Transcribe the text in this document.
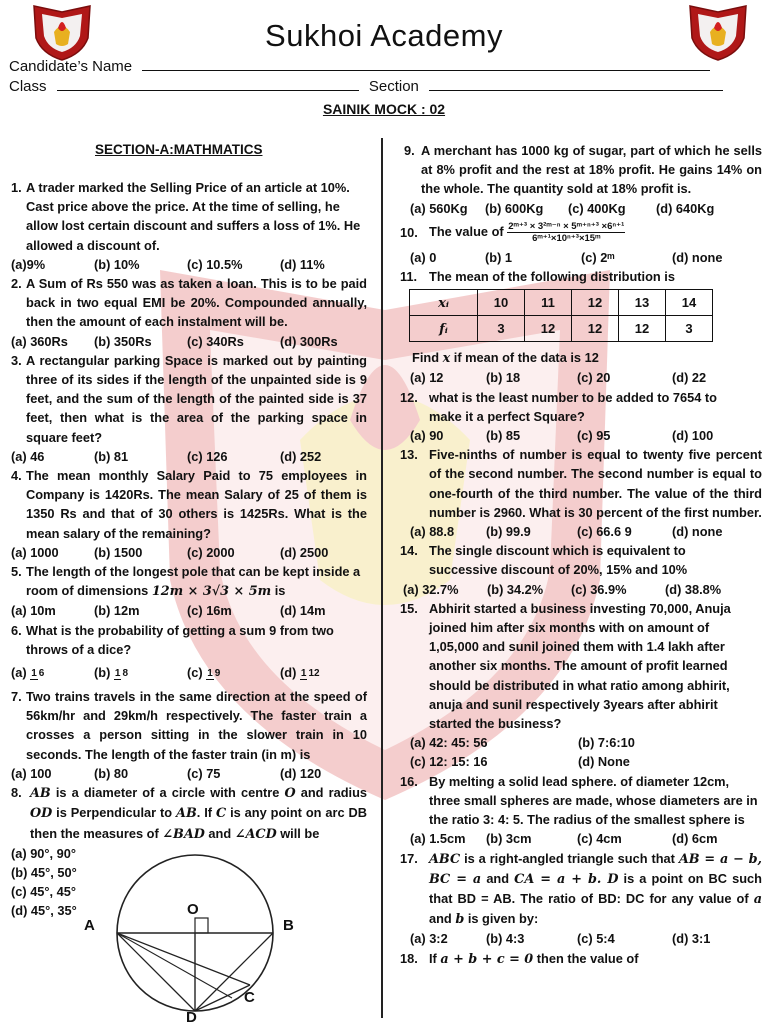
Sukhoi Academy
Candidate’s Name
Class	Section
SAINIK MOCK : 02
SECTION-A:MATHMATICS
1. A trader marked the Selling Price of an article at 10%. Cast price above the price. At the time of selling, he allow lost certain discount and suffers a loss of 1%. He allowed a discount of.
(a)9%	(b) 10%	(c) 10.5%	(d) 11%
2. A Sum of Rs 550 was as taken a loan. This is to be paid back in two equal EMI be 20%. Compounded annually, then the amount of each instalment will be.
(a) 360Rs	(b) 350Rs	(c) 340Rs	(d) 300Rs
3. A rectangular parking Space is marked out by painting three of its sides if the length of the unpainted side is 9 feet, and the sum of the length of the painted side is 37 feet, then what is the area of the parking space in square feet?
(a) 46	(b) 81	(c) 126	(d) 252
4. The mean monthly Salary Paid to 75 employees in Company is 1420Rs. The mean Salary of 25 of them is 1350 Rs and that of 30 others is 1425Rs. What is the mean salary of the remaining?
(a) 1000	(b) 1500	(c) 2000	(d) 2500
5. The length of the longest pole that can be kept inside a room of dimensions 12m × 3√3 × 5m is
(a) 10m	(b) 12m	(c) 16m	(d) 14m
6. What is the probability of getting a sum 9 from two throws of a dice?
(a) 1 6	(b) 1 8	(c) 1 9	(d) 1 12
7. Two trains travels in the same direction at the speed of 56km/hr and 29km/h respectively. The faster train a crosses a person sitting in the slower train in 10 seconds. The length of the faster train (in m) is
(a) 100	(b) 80	(c) 75	(d) 120
8. AB is a diameter of a circle with centre O and radius OD is Perpendicular to AB. If C is any point on arc DB then the measures of ∠BAD and ∠ACD will be
(a) 90°, 90°
(b) 45°, 50°
(c) 45°, 45°
(d) 45°, 35°
A	B
O
C
D
9. A merchant has 1000 kg of sugar, part of which he sells at 8% profit and the rest at 18% profit. He gains 14% on the whole. The quantity sold at 18% profit is.
(a) 560Kg	(b) 600Kg	(c) 400Kg	(d) 640Kg
10. The value of $\frac{\text{2ᵐ⁺³ × 3²ᵐ⁻ⁿ × 5ᵐ⁺ⁿ⁺³ ×6ⁿ⁺¹}}{\text{6ᵐ⁺¹×10ⁿ⁺³×15ᵐ}}$
(a) 0	(b) 1	(c) 2ᵐ	(d) none
11. The mean of the following distribution is
xᵢ	10	11	12	13	14
fᵢ	3	12	12	12	3
Find x if mean of the data is 12
(a) 12	(b) 18	(c) 20	(d) 22
12. what is the least number to be added to 7654 to make it a perfect Square?
(a) 90	(b) 85	(c) 95	(d) 100
13. Five-ninths of number is equal to twenty five percent of the second number. The second number is equal to one-fourth of the third number. The value of the third number is 2960. What is 30 percent of the first number.
(a) 88.8	(b) 99.9	(c) 66.6 9	(d) none
14. The single discount which is equivalent to successive discount of 20%, 15% and 10%
(a) 32.7%	(b) 34.2%	(c) 36.9%	(d) 38.8%
15. Abhirit started a business investing 70,000, Anuja joined him after six months with on amount of 1,05,000 and sunil joined them with 1.4 lakh after another six months. The amount of profit learned should be distributed in what ratio among abhirit, anuja and sunil respectively 3years after abhirit started the business?
(a) 42: 45: 56	(b) 7:6:10
(c) 12: 15: 16	(d) None
16. By melting a solid lead sphere. of diameter 12cm, three small spheres are made, whose diameters are in the ratio 3: 4: 5. The radius of the smallest sphere is
(a) 1.5cm	(b) 3cm	(c) 4cm	(d) 6cm
17. ABC is a right-angled triangle such that AB = a − b, BC = a and CA = a + b. D is a point on BC such that BD = AB. The ratio of BD: DC for any value of a and b is given by:
(a) 3:2	(b) 4:3	(c) 5:4	(d) 3:1
18. If a + b + c = 0 then the value of
